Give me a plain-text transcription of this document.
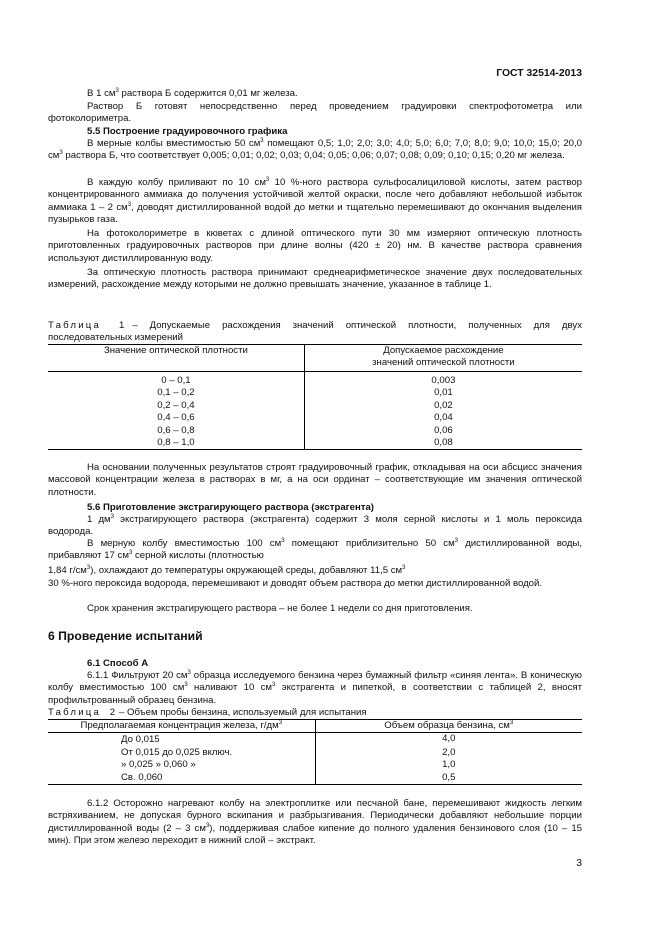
ГОСТ 32514-2013

В 1 $см^3$ раствора Б содержится 0,01 мг железа.

Раствор Б готовят непосредственно перед проведением градуировки спектрофотометра или фотоколориметра.

5.5 Построение градуировочного графика

В мерные колбы вместимостью 50 $см^3$ помещают 0,5; 1,0; 2,0; 3,0; 4,0; 5,0; 6,0; 7,0; 8,0; 9,0; 10,0; 15,0; 20,0 $см^3$ раствора Б, что соответствует 0,005; 0,01; 0,02; 0,03; 0,04; 0,05; 0,06; 0,07; 0,08; 0,09; 0,10; 0,15; 0,20 мг железа.

В каждую колбу приливают по 10 $см^3$ 10 %-ного раствора сульфосалициловой кислоты, затем раствор концентрированного аммиака до получения устойчивой желтой окраски, после чего добавляют небольшой избыток аммиака 1 – 2 $см^3$, доводят дистиллированной водой до метки и тщательно перемешивают до окончания выделения пузырьков газа.

На фотоколориметре в кюветах с длиной оптического пути 30 мм измеряют оптическую плотность приготовленных градуировочных растворов при длине волны (420 ± 20) нм. В качестве раствора сравнения используют дистиллированную воду.

За оптическую плотность раствора принимают среднеарифметическое значение двух последовательных измерений, расхождение между которыми не должно превышать значение, указанное в таблице 1.

Таблица 1 – Допускаемые расхождения значений оптической плотности, полученных для двух последовательных измерений

Значение оптической плотности	Допускаемое расхождение
значений оптической плотности

0 – 0,1	0,003
0,1 – 0,2	0,01
0,2 – 0,4	0,02
0,4 – 0,6	0,04
0,6 – 0,8	0,06
0,8 – 1,0	0,08

На основании полученных результатов строят градуировочный график, откладывая на оси абсцисс значения массовой концентрации железа в растворах в мг, а на оси ординат – соответствующие им значения оптической плотности.

5.6 Приготовление экстрагирующего раствора (экстрагента)

1 $дм^3$ экстрагирующего раствора (экстрагента) содержит 3 моля серной кислоты и 1 моль пероксида водорода.

В мерную колбу вместимостью 100 $см^3$ помещают приблизительно 50 $см^3$ дистиллированной воды, прибавляют 17 $см^3$ серной кислоты (плотностью

1,84 $г/см^3$), охлаждают до температуры окружающей среды, добавляют 11,5 $см^3$

30 %-ного пероксида водорода, перемешивают и доводят объем раствора до метки дистиллированной водой.

Срок хранения экстрагирующего раствора – не более 1 недели со дня приготовления.

6 Проведение испытаний

6.1 Способ А

6.1.1 Фильтруют 20 $см^3$ образца исследуемого бензина через бумажный фильтр «синяя лента». В коническую колбу вместимостью 100 $см^3$ наливают 10 $см^3$ экстрагента и пипеткой, в соответствии с таблицей 2, вносят профильтрованный образец бензина.

Таблица 2 – Объем пробы бензина, используемый для испытания

Предполагаемая концентрация железа, $г/дм^3$	Объем образца бензина, $см^3$
До 0,015	4,0
От 0,015 до 0,025 включ.	2,0
» 0,025 » 0,060 »	1,0
Св. 0,060	0,5

6.1.2 Осторожно нагревают колбу на электроплитке или песчаной бане, перемешивают жидкость легким встряхиванием, не допуская бурного вскипания и разбрызгивания. Периодически добавляют небольшие порции дистиллированной воды (2 – 3 $см^3$), поддерживая слабое кипение до полного удаления бензинового слоя (10 – 15 мин). При этом железо переходит в нижний слой – экстракт.

3
